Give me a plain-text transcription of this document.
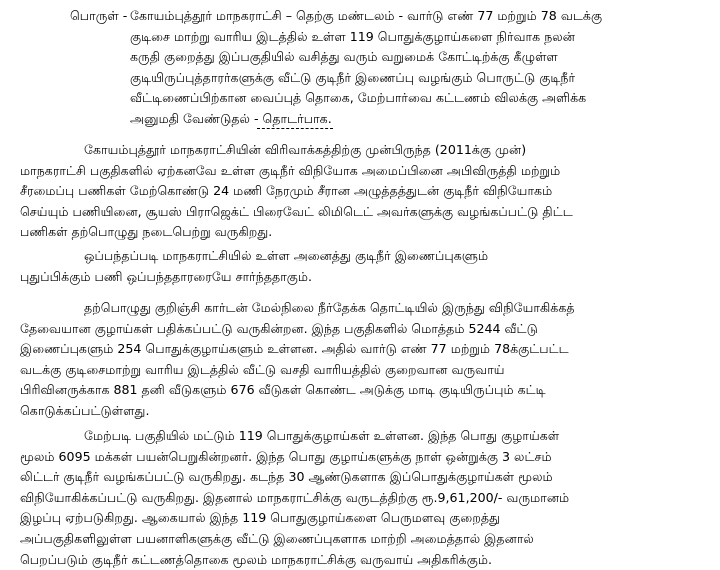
பொருள் - கோயம்புத்தூர் மாநகராட்சி – தெற்கு மண்டலம் - வார்டு எண் 77 மற்றும் 78 வடக்கு
குடிசை மாற்று வாரிய இடத்தில் உள்ள 119 பொதுக்குழாய்களை நிர்வாக நலன்
கருதி குறைத்து இப்பகுதியில் வசித்து வரும் வறுமைக் கோட்டிற்க்கு கீழுள்ள
குடியிருப்புத்தாரர்களுக்கு வீட்டு குடிநீர் இணைப்பு வழங்கும் பொருட்டு குடிநீர்
வீட்டிணைப்பிற்கான வைப்புத் தொகை, மேற்பார்வை கட்டணம் விலக்கு அளிக்க
அனுமதி வேண்டுதல் - தொடர்பாக.
கோயம்புத்தூர் மாநகராட்சியின் விரிவாக்கத்திற்கு முன்பிருந்த (2011க்கு முன்)
மாநகராட்சி பகுதிகளில் ஏற்கனவே உள்ள குடிநீர் விநியோக அமைப்பினை அபிவிருத்தி மற்றும்
சீரமைப்பு பணிகள் மேற்கொண்டு 24 மணி நேரமும் சீரான அழுத்தத்துடன் குடிநீர் விநியோகம்
செய்யும் பணியினை, சூயஸ் பிராஜெக்ட் பிரைவேட் லிமிடெட் அவர்களுக்கு வழங்கப்பட்டு திட்ட
பணிகள் தற்பொழுது நடைபெற்று வருகிறது.
ஒப்பந்தப்படி மாநகராட்சியில் உள்ள அனைத்து குடிநீர் இணைப்புகளும்
புதுப்பிக்கும் பணி ஒப்பந்ததாரரையே சார்ந்ததாகும்.
தற்பொழுது குறிஞ்சி கார்டன் மேல்நிலை நீர்தேக்க தொட்டியில் இருந்து விநியோகிக்கத்
தேவையான குழாய்கள் பதிக்கப்பட்டு வருகின்றன. இந்த பகுதிகளில் மொத்தம் 5244 வீட்டு
இணைப்புகளும் 254 பொதுக்குழாய்களும் உள்ளன. அதில் வார்டு எண் 77 மற்றும் 78க்குட்பட்ட
வடக்கு குடிசைமாற்று வாரிய இடத்தில் வீட்டு வசதி வாரியத்தில் குறைவான வருவாய்
பிரிவினருக்காக 881 தனி வீடுகளும் 676 வீடுகள் கொண்ட அடுக்கு மாடி குடியிருப்பும் கட்டி
கொடுக்கப்பட்டுள்ளது.
மேற்படி பகுதியில் மட்டும் 119 பொதுக்குழாய்கள் உள்ளன. இந்த பொது குழாய்கள்
மூலம் 6095 மக்கள் பயன்பெறுகின்றனர். இந்த பொது குழாய்களுக்கு நாள் ஒன்றுக்கு 3 லட்சம்
லிட்டர் குடிநீர் வழங்கப்பட்டு வருகிறது. கடந்த 30 ஆண்டுகளாக இப்பொதுக்குழாய்கள் மூலம்
விநியோகிக்கப்பட்டு வருகிறது. இதனால் மாநகராட்சிக்கு வருடத்திற்கு ரூ.9,61,200/- வருமானம்
இழப்பு ஏற்படுகிறது. ஆகையால் இந்த 119 பொதுகுழாய்களை பெருமளவு குறைத்து
அப்பகுதிகளிலுள்ள பயனாளிகளுக்கு வீட்டு இணைப்புகளாக மாற்றி அமைத்தால் இதனால்
பெறப்படும் குடிநீர் கட்டணத்தொகை மூலம் மாநகராட்சிக்கு வருவாய் அதிகரிக்கும்.
